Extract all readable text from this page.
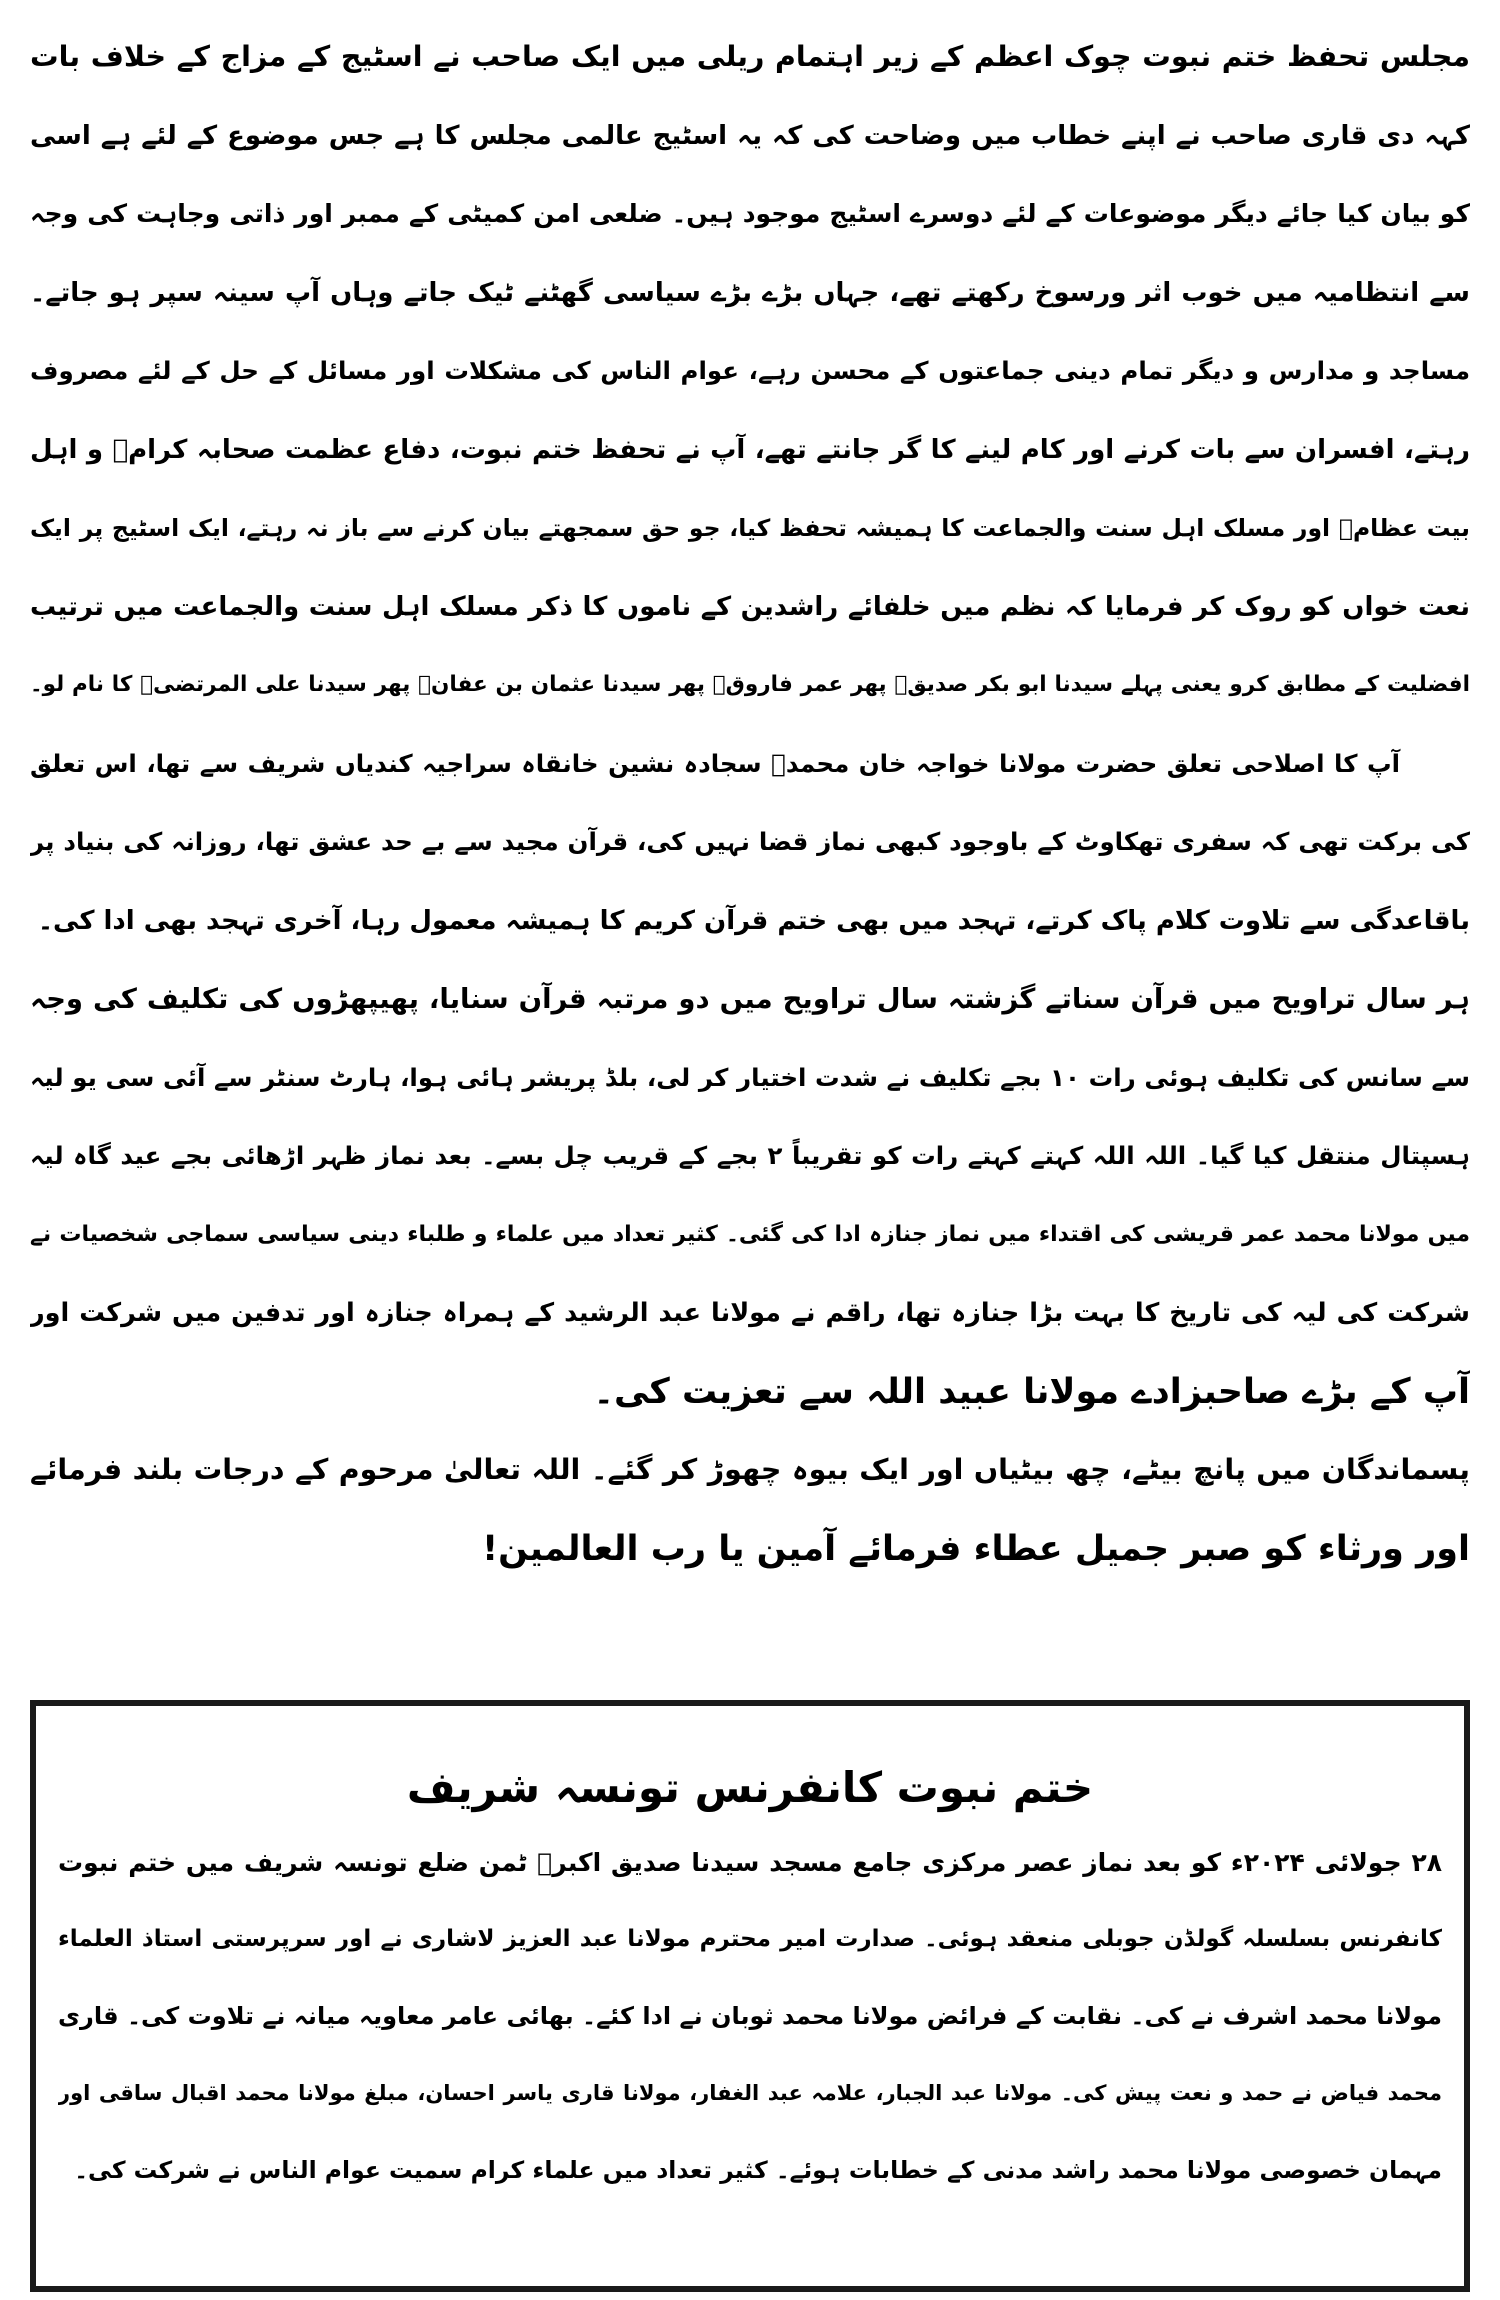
مجلس تحفظ ختم نبوت چوک اعظم کے زیر اہتمام ریلی میں ایک صاحب نے اسٹیج کے مزاج کے خلاف بات
کہہ دی قاری صاحب نے اپنے خطاب میں وضاحت کی کہ یہ اسٹیج عالمی مجلس کا ہے جس موضوع کے لئے ہے اسی
کو بیان کیا جائے دیگر موضوعات کے لئے دوسرے اسٹیج موجود ہیں۔ ضلعی امن کمیٹی کے ممبر اور ذاتی وجاہت کی وجہ
سے انتظامیہ میں خوب اثر ورسوخ رکھتے تھے، جہاں بڑے بڑے سیاسی گھٹنے ٹیک جاتے وہاں آپ سینہ سپر ہو جاتے۔
مساجد و مدارس و دیگر تمام دینی جماعتوں کے محسن رہے، عوام الناس کی مشکلات اور مسائل کے حل کے لئے مصروف
رہتے، افسران سے بات کرنے اور کام لینے کا گر جانتے تھے، آپ نے تحفظ ختم نبوت، دفاع عظمت صحابہ کرامؓ و اہل
بیت عظامؓ اور مسلک اہل سنت والجماعت کا ہمیشہ تحفظ کیا، جو حق سمجھتے بیان کرنے سے باز نہ رہتے، ایک اسٹیج پر ایک
نعت خواں کو روک کر فرمایا کہ نظم میں خلفائے راشدین کے ناموں کا ذکر مسلک اہل سنت والجماعت میں ترتیب
افضلیت کے مطابق کرو یعنی پہلے سیدنا ابو بکر صدیقؓ پھر عمر فاروقؓ پھر سیدنا عثمان بن عفانؓ پھر سیدنا علی المرتضیؓ کا نام لو۔
آپ کا اصلاحی تعلق حضرت مولانا خواجہ خان محمدؒ سجادہ نشین خانقاہ سراجیہ کندیاں شریف سے تھا، اس تعلق
کی برکت تھی کہ سفری تھکاوٹ کے باوجود کبھی نماز قضا نہیں کی، قرآن مجید سے بے حد عشق تھا، روزانہ کی بنیاد پر
باقاعدگی سے تلاوت کلام پاک کرتے، تہجد میں بھی ختم قرآن کریم کا ہمیشہ معمول رہا، آخری تہجد بھی ادا کی۔
ہر سال تراویح میں قرآن سناتے گزشتہ سال تراویح میں دو مرتبہ قرآن سنایا، پھیپھڑوں کی تکلیف کی وجہ
سے سانس کی تکلیف ہوئی رات ۱۰ بجے تکلیف نے شدت اختیار کر لی، بلڈ پریشر ہائی ہوا، ہارٹ سنٹر سے آئی سی یو لیہ
ہسپتال منتقل کیا گیا۔ اللہ اللہ کہتے کہتے رات کو تقریباً ۲ بجے کے قریب چل بسے۔ بعد نماز ظہر اڑھائی بجے عید گاہ لیہ
میں مولانا محمد عمر قریشی کی اقتداء میں نماز جنازہ ادا کی گئی۔ کثیر تعداد میں علماء و طلباء دینی سیاسی سماجی شخصیات نے
شرکت کی لیہ کی تاریخ کا بہت بڑا جنازہ تھا، راقم نے مولانا عبد الرشید کے ہمراہ جنازہ اور تدفین میں شرکت اور
آپ کے بڑے صاحبزادے مولانا عبید اللہ سے تعزیت کی۔
پسماندگان میں پانچ بیٹے، چھ بیٹیاں اور ایک بیوہ چھوڑ کر گئے۔ اللہ تعالیٰ مرحوم کے درجات بلند فرمائے
اور ورثاء کو صبر جمیل عطاء فرمائے آمین یا رب العالمین!
ختم نبوت کانفرنس تونسہ شریف
۲۸ جولائی ۲۰۲۴ء کو بعد نماز عصر مرکزی جامع مسجد سیدنا صدیق اکبرؓ ٹمن ضلع تونسہ شریف میں ختم نبوت
کانفرنس بسلسلہ گولڈن جوبلی منعقد ہوئی۔ صدارت امیر محترم مولانا عبد العزیز لاشاری نے اور سرپرستی استاذ العلماء
مولانا محمد اشرف نے کی۔ نقابت کے فرائض مولانا محمد ثوبان نے ادا کئے۔ بھائی عامر معاویہ میانہ نے تلاوت کی۔ قاری
محمد فیاض نے حمد و نعت پیش کی۔ مولانا عبد الجبار، علامہ عبد الغفار، مولانا قاری یاسر احسان، مبلغ مولانا محمد اقبال ساقی اور
مہمان خصوصی مولانا محمد راشد مدنی کے خطابات ہوئے۔ کثیر تعداد میں علماء کرام سمیت عوام الناس نے شرکت کی۔
